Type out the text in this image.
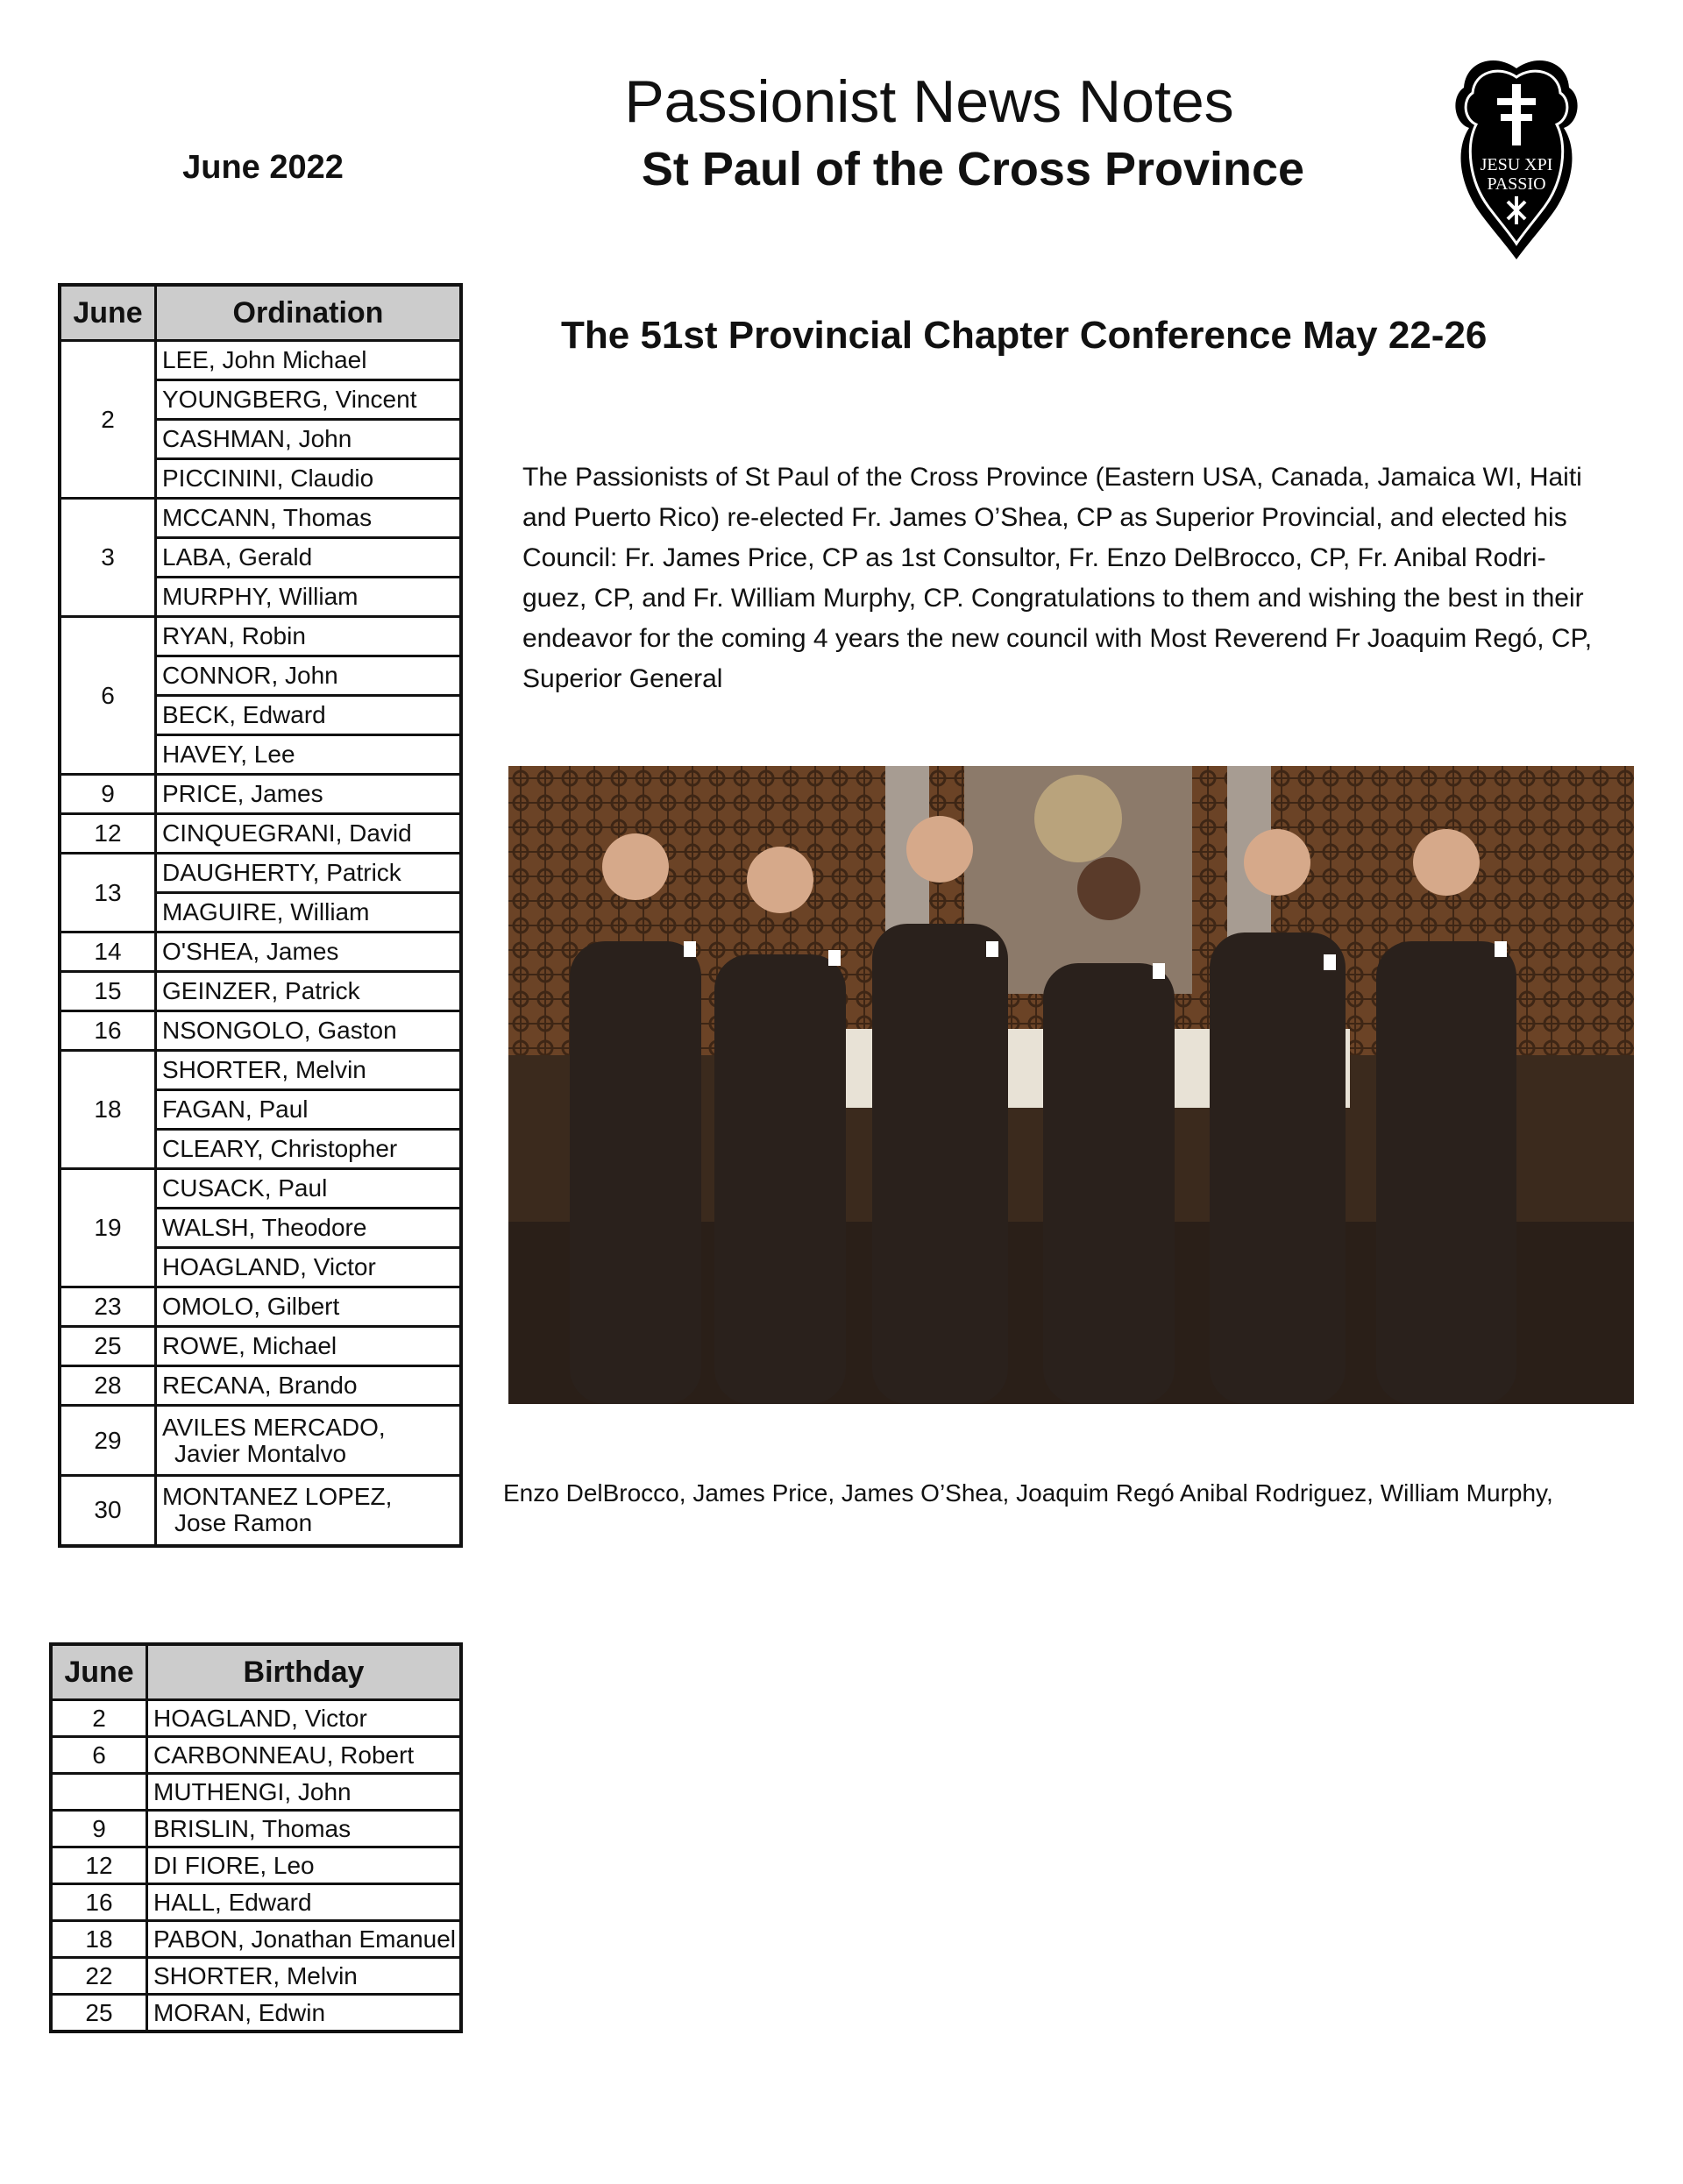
Passionist News Notes
St Paul of the Cross Province
June 2022	JESU XPI
PASSIO
June	Ordination
2	LEE, John Michael
	YOUNGBERG, Vincent
	CASHMAN, John
	PICCININI, Claudio
3	MCCANN, Thomas
	LABA, Gerald
	MURPHY, William
6	RYAN, Robin
	CONNOR, John
	BECK, Edward
	HAVEY, Lee
9	PRICE, James
12	CINQUEGRANI, David
13	DAUGHERTY, Patrick
	MAGUIRE, William
14	O'SHEA, James
15	GEINZER, Patrick
16	NSONGOLO, Gaston
18	SHORTER, Melvin
	FAGAN, Paul
	CLEARY, Christopher
19	CUSACK, Paul
	WALSH, Theodore
	HOAGLAND, Victor
23	OMOLO, Gilbert
25	ROWE, Michael
28	RECANA, Brando
29	AVILES MERCADO,
Javier Montalvo

30	MONTANEZ LOPEZ,
Jose Ramon
June	Birthday
2	HOAGLAND, Victor
6	CARBONNEAU, Robert
	MUTHENGI, John
9	BRISLIN, Thomas
12	DI FIORE, Leo
16	HALL, Edward
18	PABON, Jonathan Emanuel
22	SHORTER, Melvin
25	MORAN, Edwin
The 51st Provincial Chapter Conference May 22-26
The Passionists of St Paul of the Cross Province (Eastern USA, Canada, Jamaica WI, Haiti and Puerto Rico) re-elected Fr. James O’Shea, CP as Superior Provincial, and elected his Council: Fr. James Price, CP as 1st Consultor, Fr. Enzo DelBrocco, CP, Fr. Anibal Rodri-guez, CP, and Fr. William Murphy, CP. Congratulations to them and wishing the best in their endeavor for the coming 4 years the new council with Most Reverend Fr Joaquim Regó, CP, Superior General
Enzo DelBrocco, James Price, James O’Shea, Joaquim Regó Anibal Rodriguez, William Murphy,
